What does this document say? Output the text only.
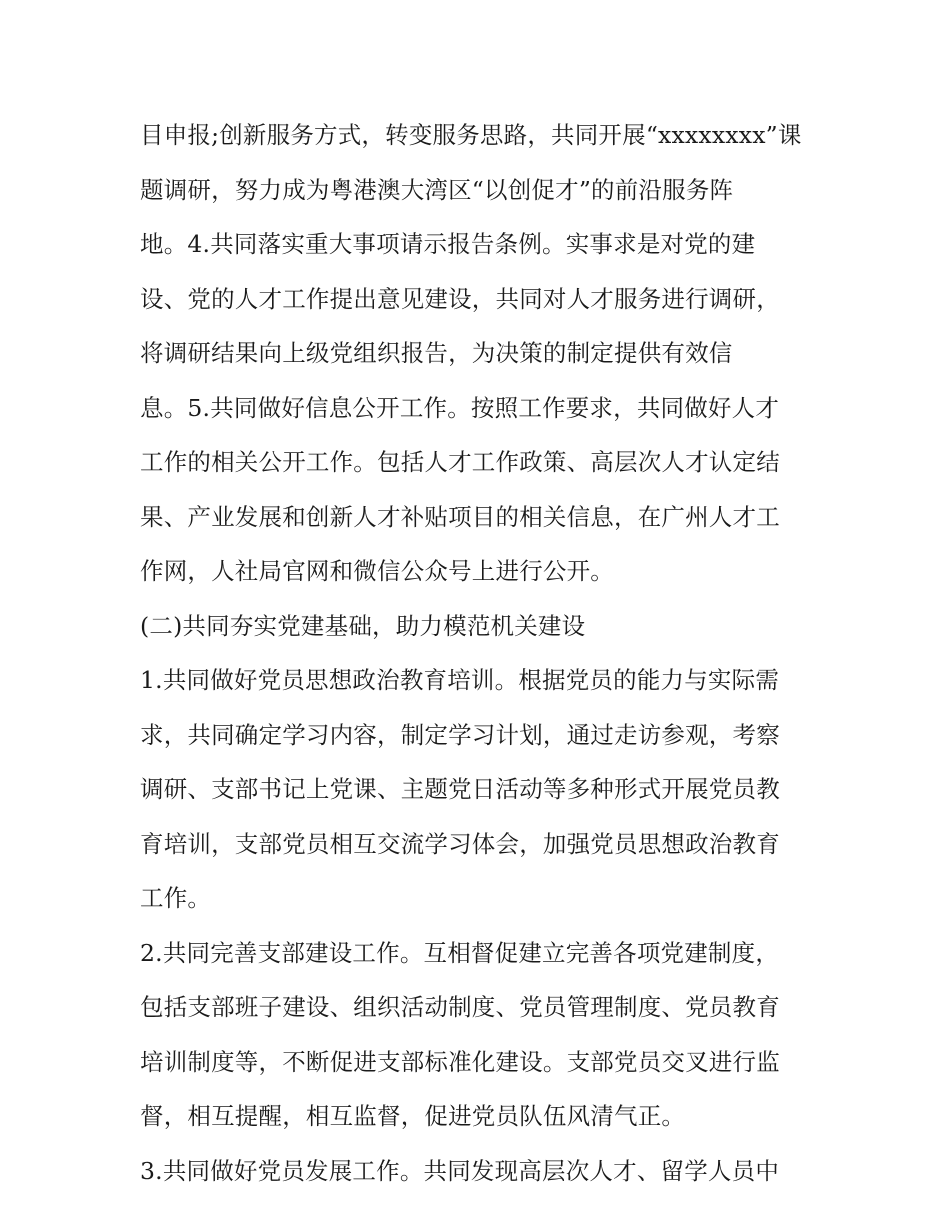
目申报;创新服务方式，转变服务思路，共同开展“xxxxxxxx”课
题调研，努力成为粤港澳大湾区“以创促才”的前沿服务阵
地。4.共同落实重大事项请示报告条例。实事求是对党的建
设、党的人才工作提出意见建设，共同对人才服务进行调研，
将调研结果向上级党组织报告，为决策的制定提供有效信
息。5.共同做好信息公开工作。按照工作要求，共同做好人才
工作的相关公开工作。包括人才工作政策、高层次人才认定结
果、产业发展和创新人才补贴项目的相关信息，在广州人才工
作网，人社局官网和微信公众号上进行公开。
(二)共同夯实党建基础，助力模范机关建设
1.共同做好党员思想政治教育培训。根据党员的能力与实际需
求，共同确定学习内容，制定学习计划，通过走访参观，考察
调研、支部书记上党课、主题党日活动等多种形式开展党员教
育培训，支部党员相互交流学习体会，加强党员思想政治教育
工作。
2.共同完善支部建设工作。互相督促建立完善各项党建制度，
包括支部班子建设、组织活动制度、党员管理制度、党员教育
培训制度等，不断促进支部标准化建设。支部党员交叉进行监
督，相互提醒，相互监督，促进党员队伍风清气正。
3.共同做好党员发展工作。共同发现高层次人才、留学人员中
